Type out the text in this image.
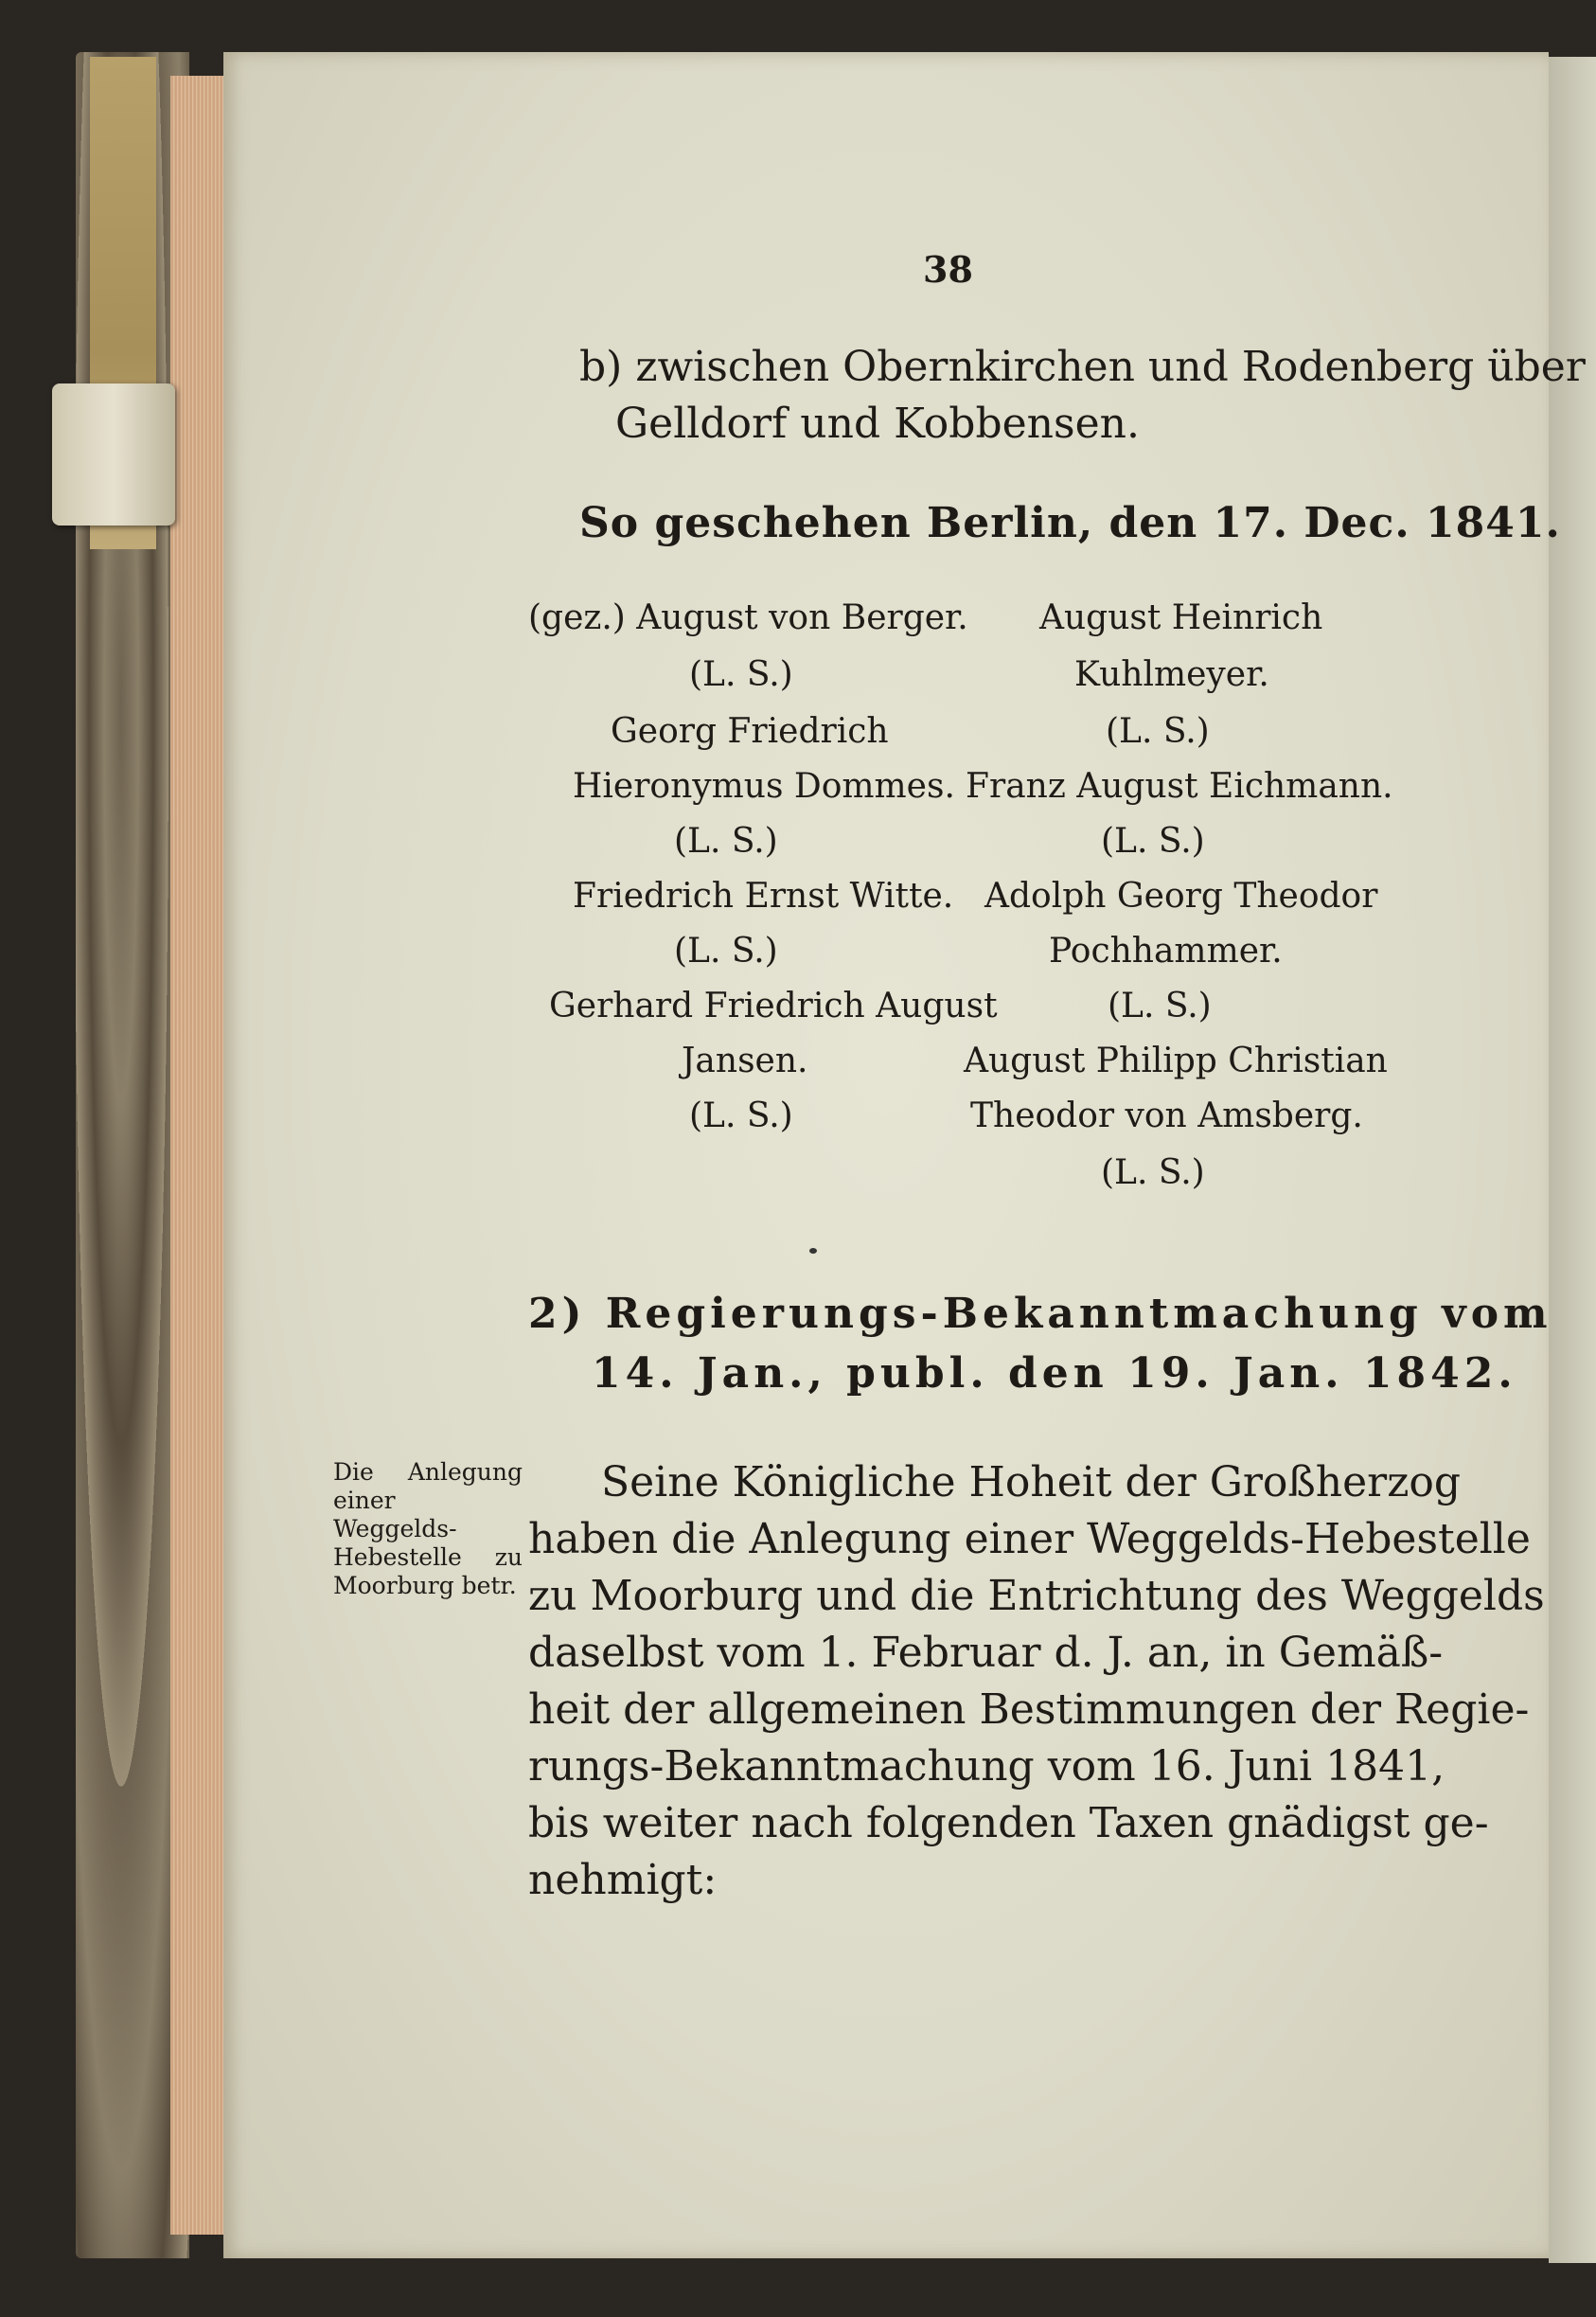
38
b) zwischen Obernkirchen und Rodenberg über
Gelldorf und Kobbensen.
So geschehen Berlin, den 17. Dec. 1841.
(gez.) August von Berger.
(L. S.)
Georg Friedrich
Hieronymus Dommes.
(L. S.)
Friedrich Ernst Witte.
(L. S.)
Gerhard Friedrich August
Jansen.
(L. S.)
August Heinrich
Kuhlmeyer.
(L. S.)
Franz August Eichmann.
(L. S.)
Adolph Georg Theodor
Pochhammer.
(L. S.)
August Philipp Christian
Theodor von Amsberg.
(L. S.)
2) Regierungs-Bekanntmachung vom
14. Jan., publ. den 19. Jan. 1842.
Die Anlegung einer Weggelds-Hebestelle zu Moorburg betr.
Seine Königliche Hoheit der Großherzog
haben die Anlegung einer Weggelds-Hebestelle
zu Moorburg und die Entrichtung des Weggelds
daselbst vom 1. Februar d. J. an, in Gemäß-
heit der allgemeinen Bestimmungen der Regie-
rungs-Bekanntmachung vom 16. Juni 1841,
bis weiter nach folgenden Taxen gnädigst ge-
nehmigt:
